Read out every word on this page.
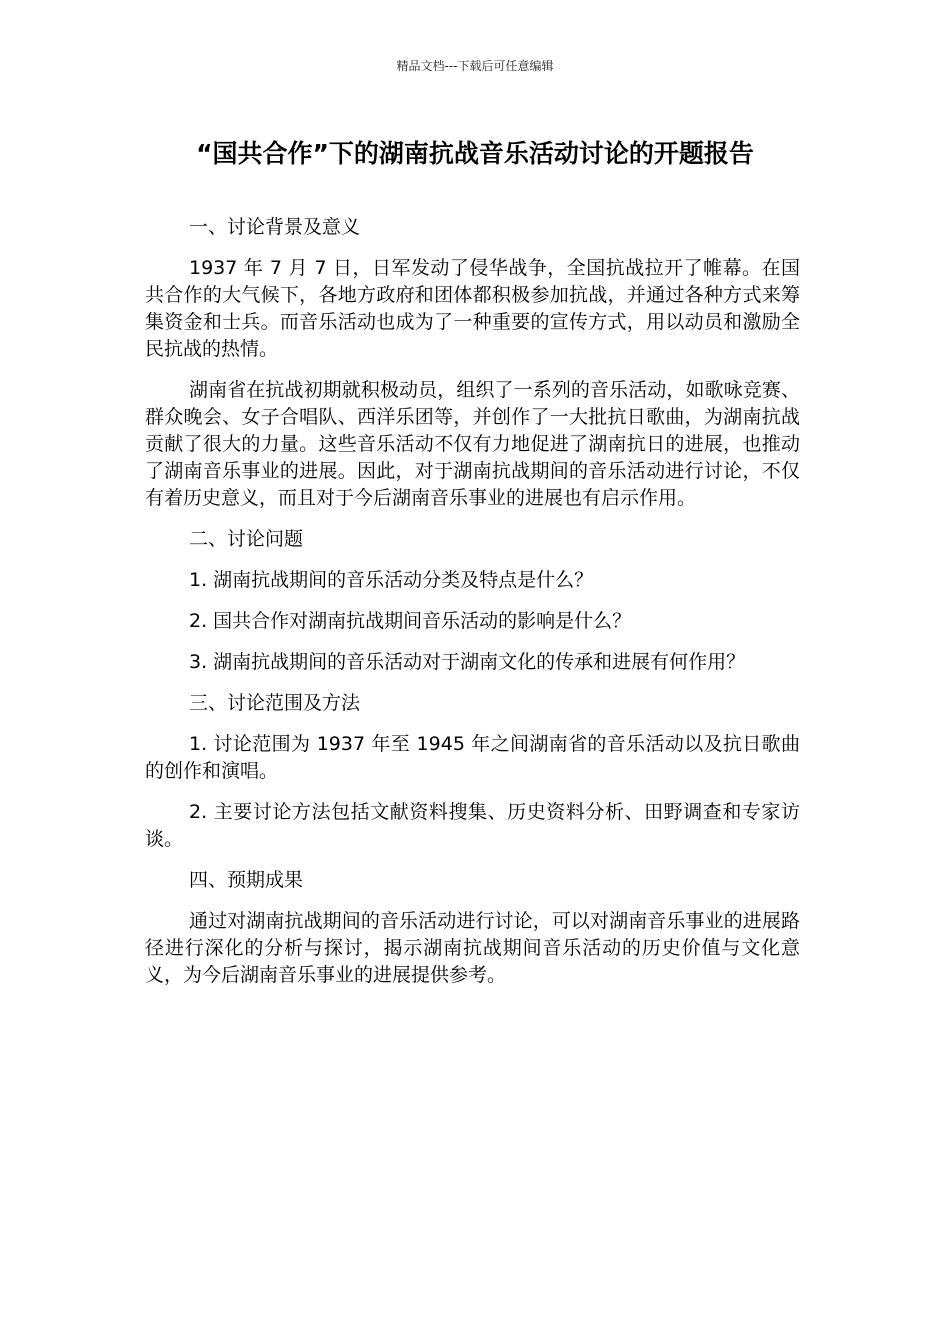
精品文档---下载后可任意编辑
“国共合作”下的湖南抗战音乐活动讨论的开题报告

一、讨论背景及意义

1937 年 7 月 7 日，日军发动了侵华战争，全国抗战拉开了帷幕。在国共合作的大气候下，各地方政府和团体都积极参加抗战，并通过各种方式来筹集资金和士兵。而音乐活动也成为了一种重要的宣传方式，用以动员和激励全民抗战的热情。

湖南省在抗战初期就积极动员，组织了一系列的音乐活动，如歌咏竞赛、群众晚会、女子合唱队、西洋乐团等，并创作了一大批抗日歌曲，为湖南抗战贡献了很大的力量。这些音乐活动不仅有力地促进了湖南抗日的进展，也推动了湖南音乐事业的进展。因此，对于湖南抗战期间的音乐活动进行讨论，不仅有着历史意义，而且对于今后湖南音乐事业的进展也有启示作用。

二、讨论问题

1. 湖南抗战期间的音乐活动分类及特点是什么？

2. 国共合作对湖南抗战期间音乐活动的影响是什么？

3. 湖南抗战期间的音乐活动对于湖南文化的传承和进展有何作用？

三、讨论范围及方法

1. 讨论范围为 1937 年至 1945 年之间湖南省的音乐活动以及抗日歌曲的创作和演唱。

2. 主要讨论方法包括文献资料搜集、历史资料分析、田野调查和专家访谈。

四、预期成果

通过对湖南抗战期间的音乐活动进行讨论，可以对湖南音乐事业的进展路径进行深化的分析与探讨，揭示湖南抗战期间音乐活动的历史价值与文化意义，为今后湖南音乐事业的进展提供参考。
